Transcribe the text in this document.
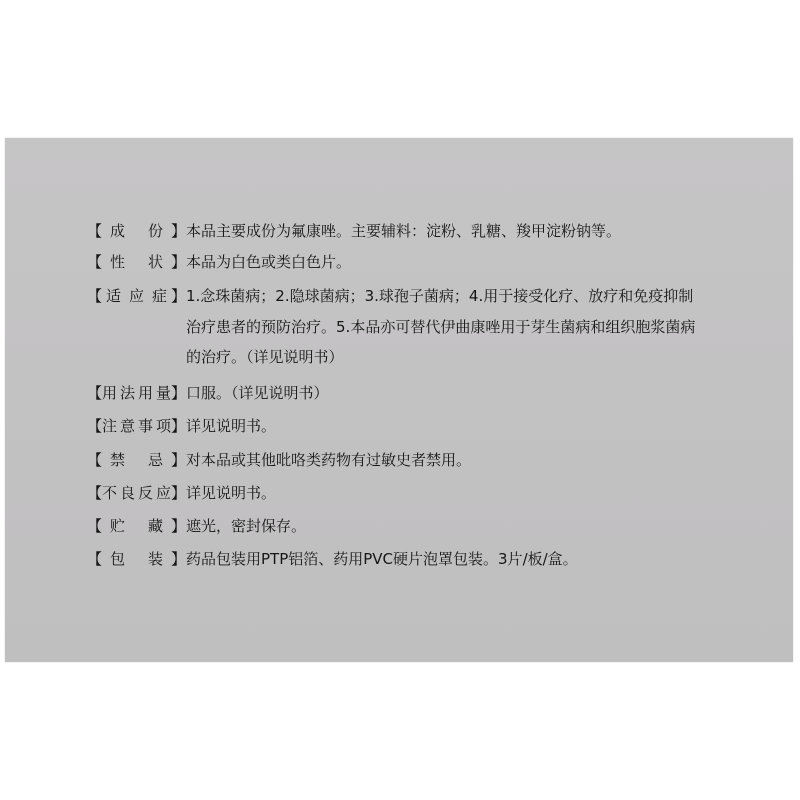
【 成 份 】 本品主要成份为氟康唑。主要辅料：淀粉、乳糖、羧甲淀粉钠等。
【 性 状 】 本品为白色或类白色片。
【 适 应 症 】 1.念珠菌病；2.隐球菌病；3.球孢子菌病；4.用于接受化疗、放疗和免疫抑制
治疗患者的预防治疗。5.本品亦可替代伊曲康唑用于芽生菌病和组织胞浆菌病
的治疗。（详见说明书）
【 用 法 用 量 】 口服。（详见说明书）
【 注 意 事 项 】 详见说明书。
【 禁 忌 】 对本品或其他吡咯类药物有过敏史者禁用。
【 不 良 反 应 】 详见说明书。
【 贮 藏 】 遮光，密封保存。
【 包 装 】 药品包装用PTP铝箔、药用PVC硬片泡罩包装。3片/板/盒。
